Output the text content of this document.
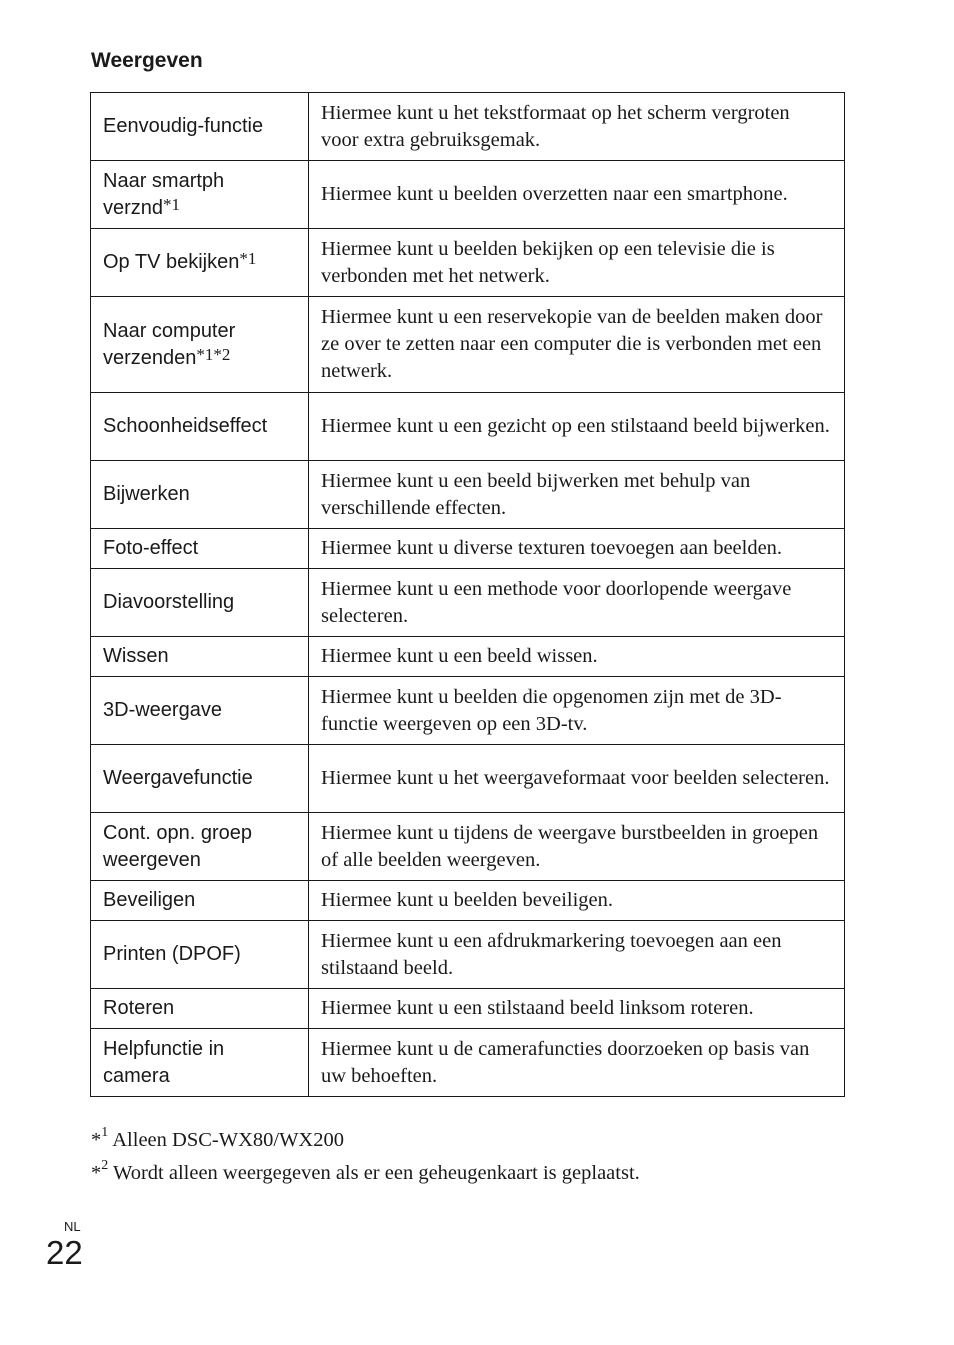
Weergeven
Eenvoudig-functie	Hiermee kunt u het tekstformaat op het scherm vergroten voor extra gebruiksgemak.
Naar smartph verznd$^{*1}$	Hiermee kunt u beelden overzetten naar een smartphone.
Op TV bekijken$^{*1}$	Hiermee kunt u beelden bekijken op een televisie die is verbonden met het netwerk.
Naar computer verzenden$^{*1*2}$	Hiermee kunt u een reservekopie van de beelden maken door ze over te zetten naar een computer die is verbonden met een netwerk.
Schoonheidseffect	Hiermee kunt u een gezicht op een stilstaand beeld bijwerken.
Bijwerken	Hiermee kunt u een beeld bijwerken met behulp van verschillende effecten.
Foto-effect	Hiermee kunt u diverse texturen toevoegen aan beelden.
Diavoorstelling	Hiermee kunt u een methode voor doorlopende weergave selecteren.
Wissen	Hiermee kunt u een beeld wissen.
3D-weergave	Hiermee kunt u beelden die opgenomen zijn met de 3D-functie weergeven op een 3D-tv.
Weergavefunctie	Hiermee kunt u het weergaveformaat voor beelden selecteren.
Cont. opn. groep weergeven	Hiermee kunt u tijdens de weergave burstbeelden in groepen of alle beelden weergeven.
Beveiligen	Hiermee kunt u beelden beveiligen.
Printen (DPOF)	Hiermee kunt u een afdrukmarkering toevoegen aan een stilstaand beeld.
Roteren	Hiermee kunt u een stilstaand beeld linksom roteren.
Helpfunctie in camera	Hiermee kunt u de camerafuncties doorzoeken op basis van uw behoeften.
*$^1$ Alleen DSC-WX80/WX200
*$^2$ Wordt alleen weergegeven als er een geheugenkaart is geplaatst.
NL
22
